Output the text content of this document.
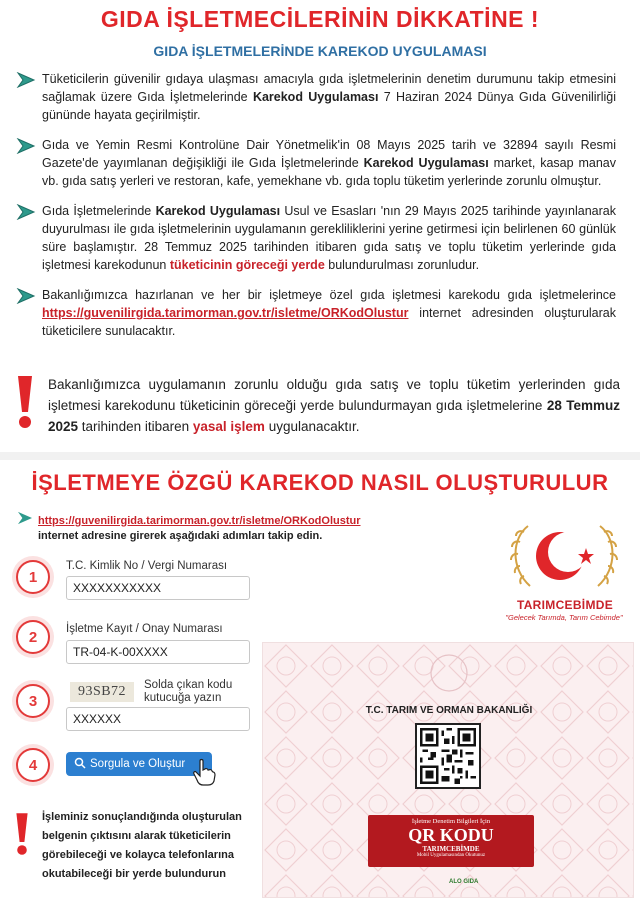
GIDA İŞLETMECİLERİNİN DİKKATİNE !
GIDA İŞLETMELERİNDE KAREKOD UYGULAMASI
Tüketicilerin güvenilir gıdaya ulaşması amacıyla gıda işletmelerinin denetim durumunu takip etmesini sağlamak üzere Gıda İşletmelerinde Karekod Uygulaması 7 Haziran 2024 Dünya Gıda Güvenilirliği gününde hayata geçirilmiştir.
Gıda ve Yemin Resmi Kontrolüne Dair Yönetmelik'in 08 Mayıs 2025 tarih ve 32894 sayılı Resmi Gazete'de yayımlanan değişikliği ile Gıda İşletmelerinde Karekod Uygulaması market, kasap manav vb. gıda satış yerleri ve restoran, kafe, yemekhane vb. gıda toplu tüketim yerlerinde zorunlu olmuştur.
Gıda İşletmelerinde Karekod Uygulaması Usul ve Esasları 'nın 29 Mayıs 2025 tarihinde yayınlanarak duyurulması ile gıda işletmelerinin uygulamanın gerekliliklerini yerine getirmesi için belirlenen 60 günlük süre başlamıştır. 28 Temmuz 2025 tarihinden itibaren gıda satış ve toplu tüketim yerlerinde gıda işletmesi karekodunun tüketicinin göreceği yerde bulundurulması zorunludur.
Bakanlığımızca hazırlanan ve her bir işletmeye özel gıda işletmesi karekodu gıda işletmelerince https://guvenilirgida.tarimorman.gov.tr/isletme/ORKodOlustur internet adresinden oluşturularak tüketicilere sunulacaktır.
Bakanlığımızca uygulamanın zorunlu olduğu gıda satış ve toplu tüketim yerlerinden gıda işletmesi karekodunu tüketicinin göreceği yerde bulundurmayan gıda işletmelerine 28 Temmuz 2025 tarihinden itibaren yasal işlem uygulanacaktır.
İŞLETMEYE ÖZGÜ KAREKOD NASIL OLUŞTURULUR
https://guvenilirgida.tarimorman.gov.tr/isletme/ORKodOlustur
internet adresine girerek aşağıdaki adımları takip edin.
1
T.C. Kimlik No / Vergi Numarası
XXXXXXXXXXX
2	İşletme Kayıt / Onay Numarası
TR-04-K-00XXXX
3
93SB72	Solda çıkan kodu kutucuğa yazın
XXXXXX
4	Sorgula ve Oluştur
İşleminiz sonuçlandığında oluşturulan belgenin çıktısını alarak tüketicilerin görebileceği ve kolayca telefonlarına okutabileceği bir yerde bulundurun
TARIMCEBİMDE
"Gelecek Tarımda, Tarım Cebimde"
T.C. TARIM VE ORMAN BAKANLIĞI
İşletme Denetim Bilgileri İçin
QR KODU
TARIMCEBİMDE
Mobil Uygulamasından Okutunuz
ALO GIDA
